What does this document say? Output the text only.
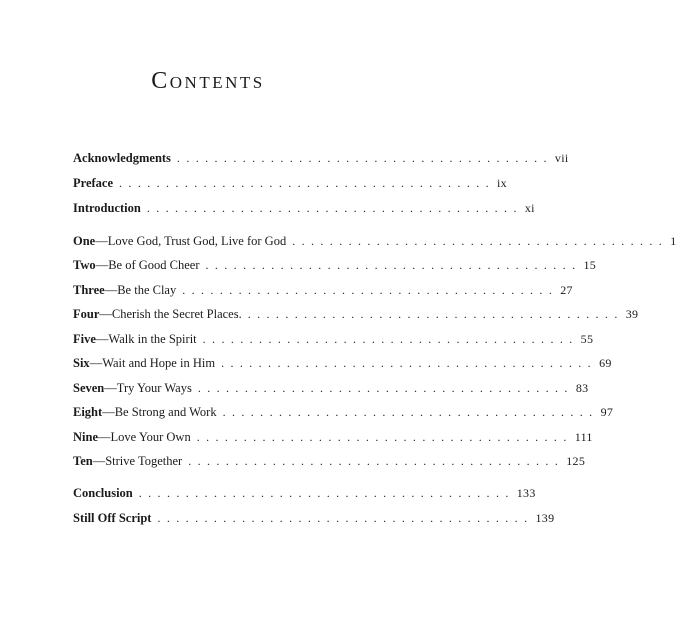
Contents
Acknowledgments ........................................ vii
Preface ........................................ ix
Introduction ........................................ xi
One —Love God, Trust God, Live for God ........................................ 1
Two —Be of Good Cheer ........................................ 15
Three —Be the Clay ........................................ 27
Four —Cherish the Secret Places. ........................................ 39
Five —Walk in the Spirit ........................................ 55
Six —Wait and Hope in Him ........................................ 69
Seven —Try Your Ways ........................................ 83
Eight —Be Strong and Work ........................................ 97
Nine —Love Your Own ........................................ 111
Ten —Strive Together ........................................ 125
Conclusion ........................................ 133
Still Off Script ........................................ 139
